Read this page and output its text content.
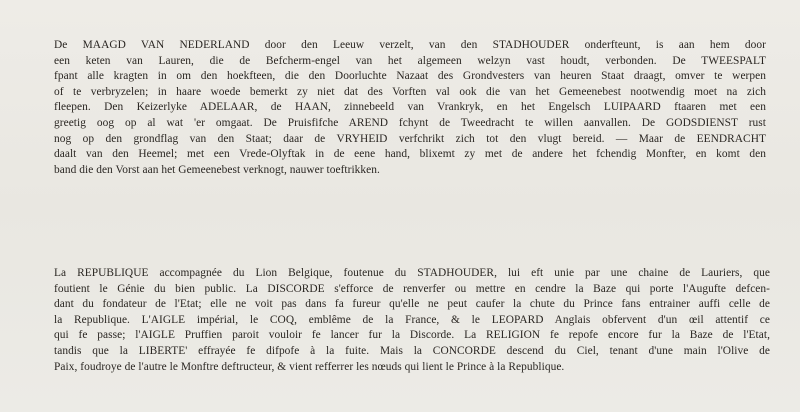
De MAAGD VAN NEDERLAND door den Leeuw verzelt, van den STADHOUDER onderfteunt, is aan hem door
een keten van Lauren, die de Befcherm-engel van het algemeen welzyn vast houdt, verbonden. De TWEESPALT
fpant alle kragten in om den hoekfteen, die den Doorluchte Nazaat des Grondvesters van heuren Staat draagt, omver te werpen
of te verbryzelen; in haare woede bemerkt zy niet dat des Vorften val ook die van het Gemeenebest nootwendig moet na zich
fleepen. Den Keizerlyke ADELAAR, de HAAN, zinnebeeld van Vrankryk, en het Engelsch LUIPAARD ftaaren met een
greetig oog op al wat 'er omgaat. De Pruisfifche AREND fchynt de Tweedracht te willen aanvallen. De GODSDIENST rust
nog op den grondflag van den Staat; daar de VRYHEID verfchrikt zich tot den vlugt bereid. — Maar de EENDRACHT
daalt van den Heemel; met een Vrede-Olyftak in de eene hand, blixemt zy met de andere het fchendig Monfter, en komt den
band die den Vorst aan het Gemeenebest verknogt, nauwer toeftrikken.
La REPUBLIQUE accompagnée du Lion Belgique, foutenue du STADHOUDER, lui eft unie par une chaine de Lauriers, que
foutient le Génie du bien public. La DISCORDE s'efforce de renverfer ou mettre en cendre la Baze qui porte l'Augufte defcen-
dant du fondateur de l'Etat; elle ne voit pas dans fa fureur qu'elle ne peut caufer la chute du Prince fans entrainer auffi celle de
la Republique. L'AIGLE impérial, le COQ, emblême de la France, & le LEOPARD Anglais obfervent d'un œil attentif ce
qui fe passe; l'AIGLE Pruffien paroit vouloir fe lancer fur la Discorde. La RELIGION fe repofe encore fur la Baze de l'Etat,
tandis que la LIBERTE' effrayée fe difpofe à la fuite. Mais la CONCORDE descend du Ciel, tenant d'une main l'Olive de
Paix, foudroye de l'autre le Monftre deftructeur, & vient refferrer les nœuds qui lient le Prince à la Republique.
